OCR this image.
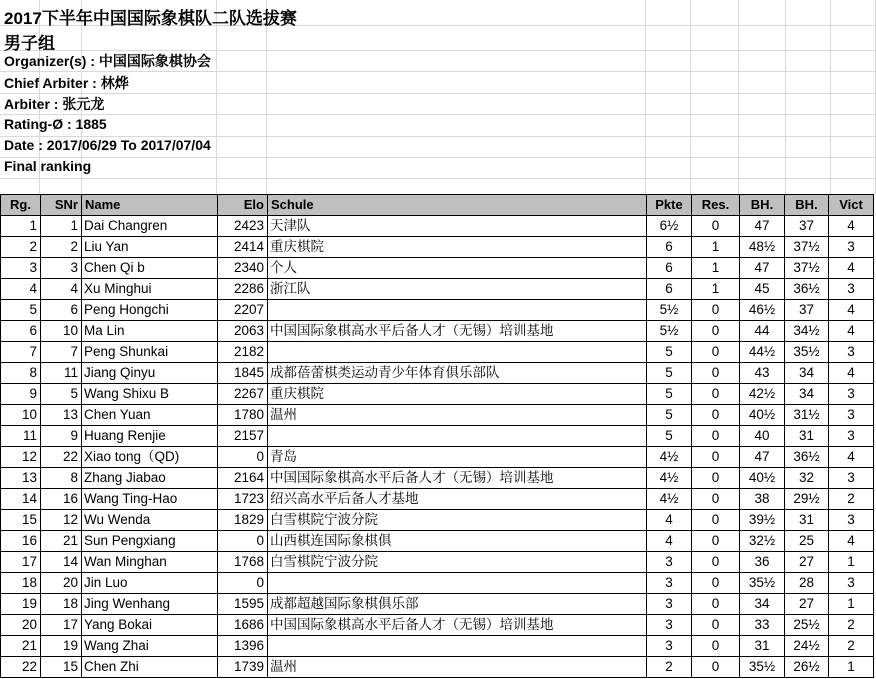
2017下半年中国国际象棋队二队选拔赛
男子组
Organizer(s) : 中国国际象棋协会
Chief Arbiter : 林烨
Arbiter : 张元龙
Rating-Ø : 1885
Date : 2017/06/29 To 2017/07/04
Final ranking
Rg.	SNr	Name	Elo	Schule	Pkte	Res.	BH.	BH.	Vict
1	1	Dai Changren	2423	天津队	6½	0	47	37	4
2	2	Liu Yan	2414	重庆棋院	6	1	48½	37½	3
3	3	Chen Qi b	2340	个人	6	1	47	37½	4
4	4	Xu Minghui	2286	浙江队	6	1	45	36½	3
5	6	Peng Hongchi	2207		5½	0	46½	37	4
6	10	Ma Lin	2063	中国国际象棋高水平后备人才（无锡）培训基地	5½	0	44	34½	4
7	7	Peng Shunkai	2182		5	0	44½	35½	3
8	11	Jiang Qinyu	1845	成都蓓蕾棋类运动青少年体育俱乐部队	5	0	43	34	4
9	5	Wang Shixu B	2267	重庆棋院	5	0	42½	34	3
10	13	Chen Yuan	1780	温州	5	0	40½	31½	3
11	9	Huang Renjie	2157		5	0	40	31	3
12	22	Xiao tong（QD)	0	青岛	4½	0	47	36½	4
13	8	Zhang Jiabao	2164	中国国际象棋高水平后备人才（无锡）培训基地	4½	0	40½	32	3
14	16	Wang Ting-Hao	1723	绍兴高水平后备人才基地	4½	0	38	29½	2
15	12	Wu Wenda	1829	白雪棋院宁波分院	4	0	39½	31	3
16	21	Sun Pengxiang	0	山西棋连国际象棋俱	4	0	32½	25	4
17	14	Wan Minghan	1768	白雪棋院宁波分院	3	0	36	27	1
18	20	Jin Luo	0		3	0	35½	28	3
19	18	Jing Wenhang	1595	成都超越国际象棋俱乐部	3	0	34	27	1
20	17	Yang Bokai	1686	中国国际象棋高水平后备人才（无锡）培训基地	3	0	33	25½	2
21	19	Wang Zhai	1396		3	0	31	24½	2
22	15	Chen Zhi	1739	温州	2	0	35½	26½	1
